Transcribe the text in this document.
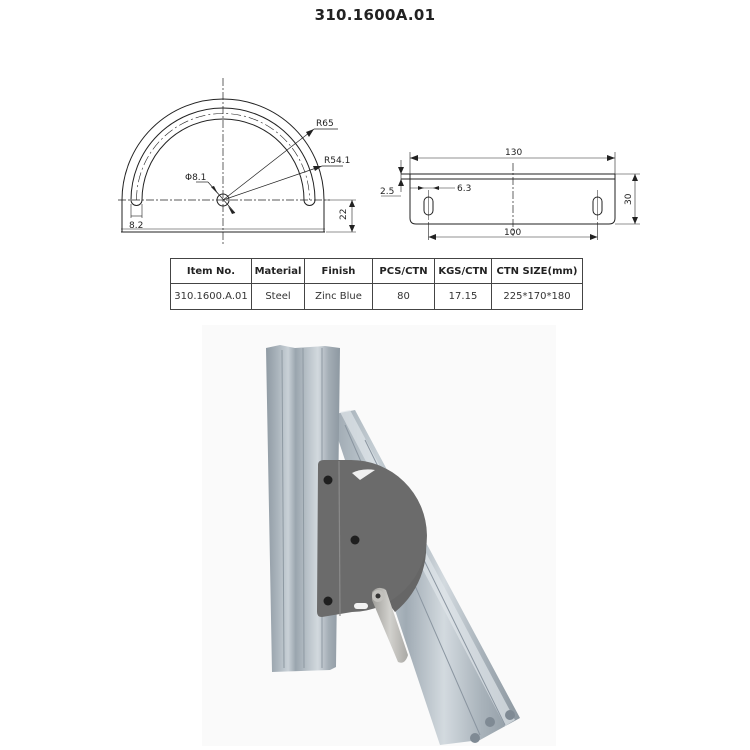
310.1600A.01
R65
R54.1
Φ8.1
8.2
22
130
2.5	6.3
100
30
Item No.	Material	Finish	PCS/CTN	KGS/CTN	CTN SIZE(mm)
310.1600.A.01	Steel	Zinc Blue	80	17.15	225*170*180
